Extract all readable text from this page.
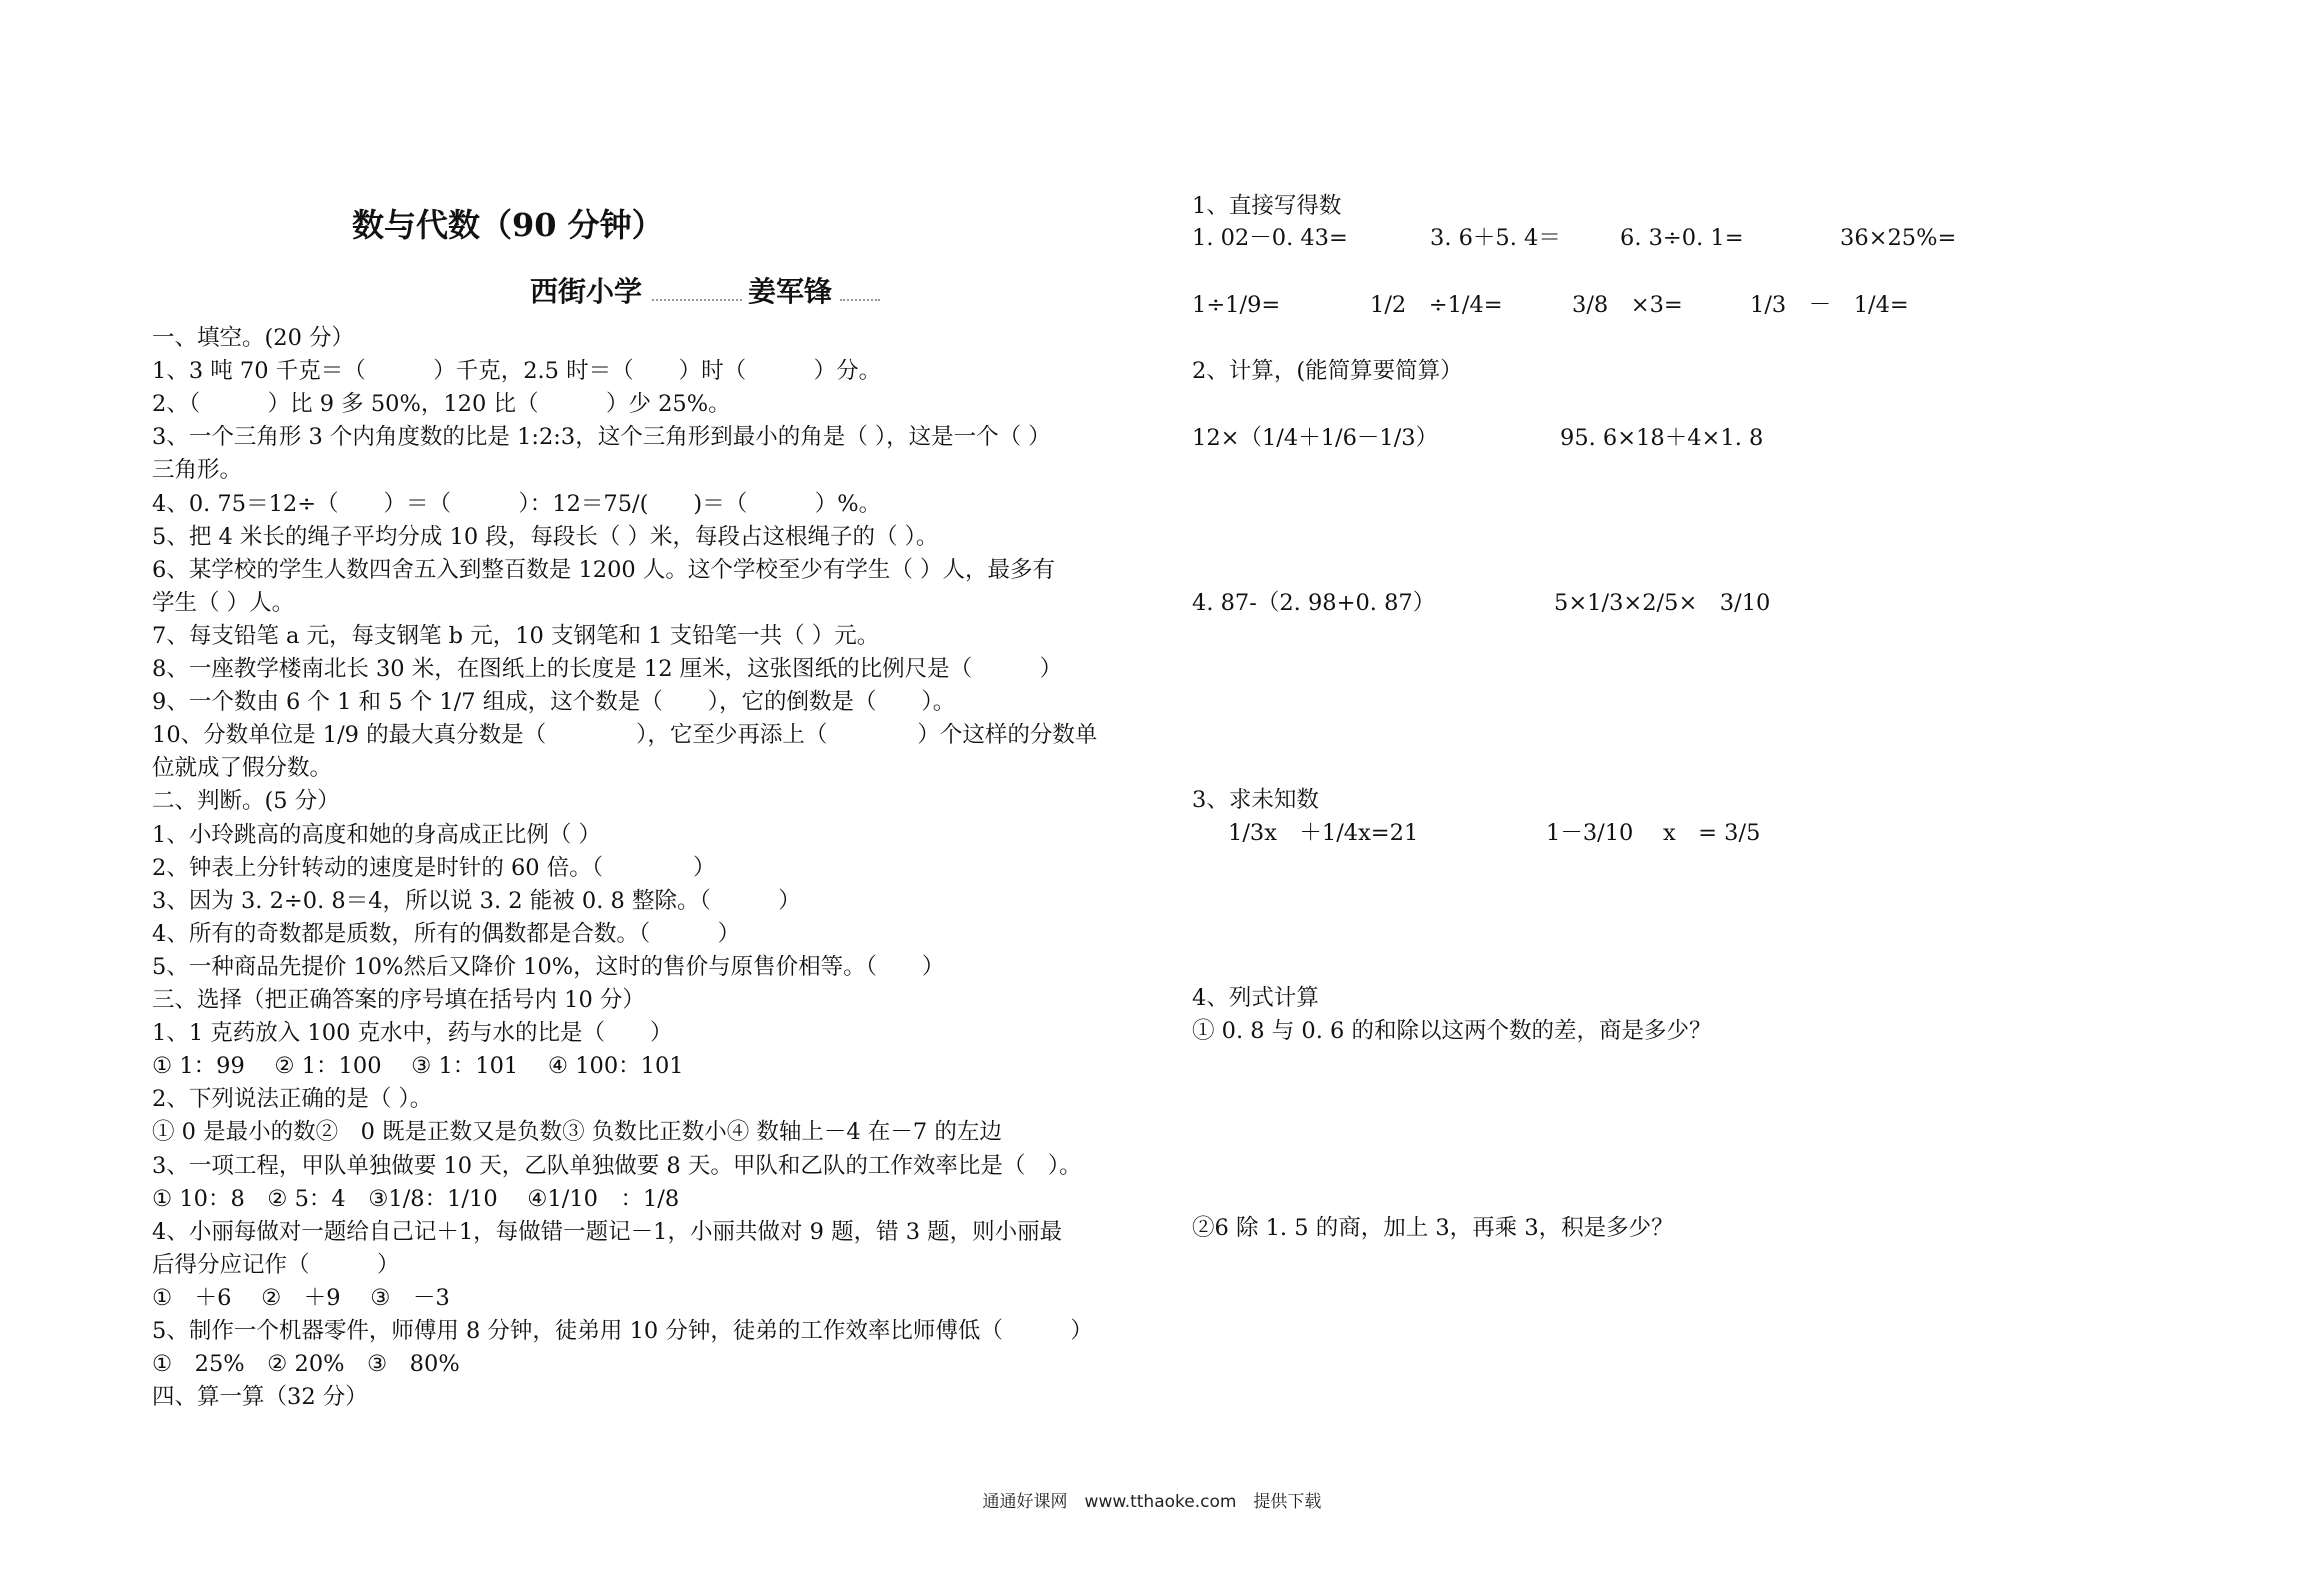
数与代数（90 分钟）
西街小学	姜军锋
一、填空。(20 分）
1、3 吨 70 千克＝（　　　）千克，2.5 时＝（　　）时（　　　）分。
2、（　　　）比 9 多 50%，120 比（　　　）少 25%。
3、一个三角形 3 个内角度数的比是 1:2:3，这个三角形到最小的角是（ ），这是一个（ ）
三角形。
4、0. 75＝12÷（　　）＝（　　　）：12＝75/(　　)＝（　　　）%。
5、把 4 米长的绳子平均分成 10 段，每段长（ ）米，每段占这根绳子的（ ）。
6、某学校的学生人数四舍五入到整百数是 1200 人。这个学校至少有学生（ ）人，最多有
学生（ ）人。
7、每支铅笔 a 元，每支钢笔 b 元，10 支钢笔和 1 支铅笔一共（ ）元。
8、一座教学楼南北长 30 米，在图纸上的长度是 12 厘米，这张图纸的比例尺是（　　　）
9、一个数由 6 个 1 和 5 个 1/7 组成，这个数是（　　），它的倒数是（　　）。
10、分数单位是 1/9 的最大真分数是（　　　　），它至少再添上（　　　　）个这样的分数单
位就成了假分数。
二、判断。(5 分）
1、小玲跳高的高度和她的身高成正比例（ ）
2、钟表上分针转动的速度是时针的 60 倍。（　　　　）
3、因为 3. 2÷0. 8＝4，所以说 3. 2 能被 0. 8 整除。（　　　）
4、所有的奇数都是质数，所有的偶数都是合数。（　　　）
5、一种商品先提价 10%然后又降价 10%，这时的售价与原售价相等。（　　）
三、选择（把正确答案的序号填在括号内 10 分）
1、1 克药放入 100 克水中，药与水的比是（　　）
① 1：99　 ② 1：100　 ③ 1：101　 ④ 100：101
2、下列说法正确的是（ ）。
① 0 是最小的数②　0 既是正数又是负数③ 负数比正数小④ 数轴上－4 在－7 的左边
3、一项工程，甲队单独做要 10 天，乙队单独做要 8 天。甲队和乙队的工作效率比是（　）。
① 10：8　② 5：4　③1/8：1/10　 ④1/10　：1/8
4、小丽每做对一题给自己记＋1，每做错一题记－1，小丽共做对 9 题，错 3 题，则小丽最
后得分应记作（　　　）
①　＋6　 ②　＋9　 ③　－3
5、制作一个机器零件，师傅用 8 分钟，徒弟用 10 分钟，徒弟的工作效率比师傅低（　　　）
①　25%　② 20%　③　80%
四、算一算（32 分）
1、直接写得数
1. 02－0. 43=	3. 6＋5. 4＝	6. 3÷0. 1=	36×25%=
1÷1/9=	1/2　÷1/4=	3/8　×3=	1/3　－　1/4=
2、计算，(能简算要简算）
12×（1/4＋1/6－1/3）	95. 6×18＋4×1. 8
4. 87-（2. 98+0. 87）	5×1/3×2/5×　3/10
3、求未知数
1/3x　＋1/4x=21	1－3/10　 x　= 3/5
4、列式计算
① 0. 8 与 0. 6 的和除以这两个数的差，商是多少？
②6 除 1. 5 的商，加上 3，再乘 3，积是多少？
通通好课网　www.tthaoke.com　提供下载
